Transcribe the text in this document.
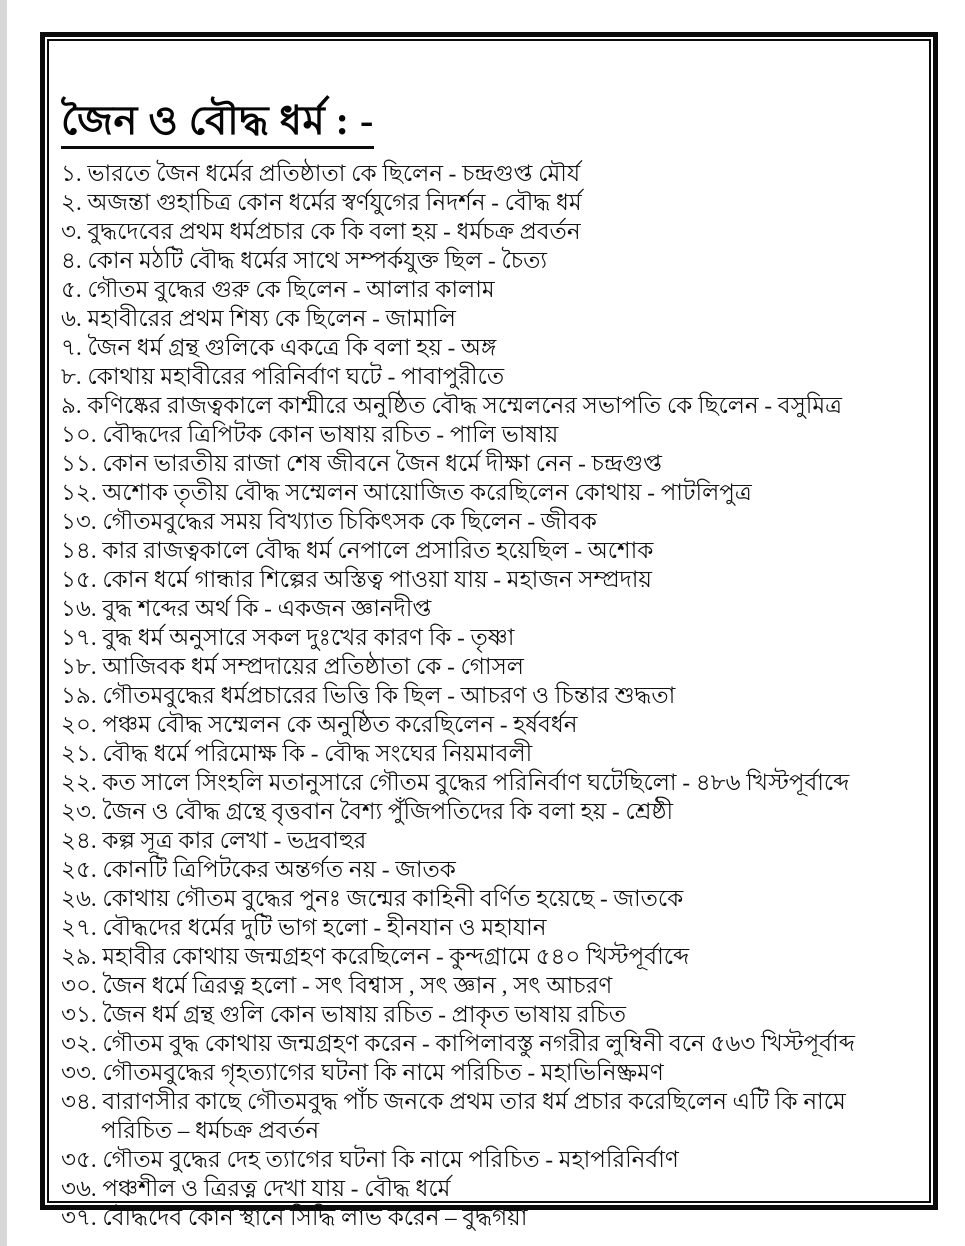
জৈন ও বৌদ্ধ ধর্ম : -
১. ভারতে জৈন ধর্মের প্রতিষ্ঠাতা কে ছিলেন - চন্দ্রগুপ্ত মৌর্য
২. অজন্তা গুহাচিত্র কোন ধর্মের স্বর্ণযুগের নিদর্শন - বৌদ্ধ ধর্ম
৩. বুদ্ধদেবের প্রথম ধর্মপ্রচার কে কি বলা হয় - ধর্মচক্র প্রবর্তন
৪. কোন মঠটি বৌদ্ধ ধর্মের সাথে সম্পর্কযুক্ত ছিল - চৈত্য
৫. গৌতম বুদ্ধের গুরু কে ছিলেন - আলার কালাম
৬. মহাবীরের প্রথম শিষ্য কে ছিলেন - জামালি
৭. জৈন ধর্ম গ্রন্থ গুলিকে একত্রে কি বলা হয় - অঙ্গ
৮. কোথায় মহাবীরের পরিনির্বাণ ঘটে - পাবাপুরীতে
৯. কণিষ্কের রাজত্বকালে কাশ্মীরে অনুষ্ঠিত বৌদ্ধ সম্মেলনের সভাপতি কে ছিলেন - বসুমিত্র
১০. বৌদ্ধদের ত্রিপিটক কোন ভাষায় রচিত - পালি ভাষায়
১১. কোন ভারতীয় রাজা শেষ জীবনে জৈন ধর্মে দীক্ষা নেন - চন্দ্রগুপ্ত
১২. অশোক তৃতীয় বৌদ্ধ সম্মেলন আয়োজিত করেছিলেন কোথায় - পাটলিপুত্র
১৩. গৌতমবুদ্ধের সময় বিখ্যাত চিকিৎসক কে ছিলেন - জীবক
১৪. কার রাজত্বকালে বৌদ্ধ ধর্ম নেপালে প্রসারিত হয়েছিল - অশোক
১৫. কোন ধর্মে গান্ধার শিল্পের অস্তিত্ব পাওয়া যায় - মহাজন সম্প্রদায়
১৬. বুদ্ধ শব্দের অর্থ কি - একজন জ্ঞানদীপ্ত
১৭. বুদ্ধ ধর্ম অনুসারে সকল দুঃখের কারণ কি - তৃষ্ণা
১৮. আজিবক ধর্ম সম্প্রদায়ের প্রতিষ্ঠাতা কে - গোসল
১৯. গৌতমবুদ্ধের ধর্মপ্রচারের ভিত্তি কি ছিল - আচরণ ও চিন্তার শুদ্ধতা
২০. পঞ্চম বৌদ্ধ সম্মেলন কে অনুষ্ঠিত করেছিলেন - হর্ষবর্ধন
২১. বৌদ্ধ ধর্মে পরিমোক্ষ কি - বৌদ্ধ সংঘের নিয়মাবলী
২২. কত সালে সিংহলি মতানুসারে গৌতম বুদ্ধের পরিনির্বাণ ঘটেছিলো - ৪৮৬ খিস্টপূর্বাব্দে
২৩. জৈন ও বৌদ্ধ গ্রন্থে বৃত্তবান বৈশ্য পুঁজিপতিদের কি বলা হয় - শ্রেষ্ঠী
২৪. কল্প সূত্র কার লেখা - ভদ্রবাহুর
২৫. কোনটি ত্রিপিটকের অন্তর্গত নয় - জাতক
২৬. কোথায় গৌতম বুদ্ধের পুনঃ জন্মের কাহিনী বর্ণিত হয়েছে - জাতকে
২৭. বৌদ্ধদের ধর্মের দুটি ভাগ হলো - হীনযান ও মহাযান
২৯. মহাবীর কোথায় জন্মগ্রহণ করেছিলেন - কুন্দগ্রামে ৫৪০ খিস্টপূর্বাব্দে
৩০. জৈন ধর্মে ত্রিরত্ন হলো - সৎ বিশ্বাস , সৎ জ্ঞান , সৎ আচরণ
৩১. জৈন ধর্ম গ্রন্থ গুলি কোন ভাষায় রচিত - প্রাকৃত ভাষায় রচিত
৩২. গৌতম বুদ্ধ কোথায় জন্মগ্রহণ করেন - কাপিলাবস্তু নগরীর লুম্বিনী বনে ৫৬৩ খিস্টপূর্বাব্দ
৩৩. গৌতমবুদ্ধের গৃহত্যাগের ঘটনা কি নামে পরিচিত - মহাভিনিষ্ক্রমণ
৩৪. বারাণসীর কাছে গৌতমবুদ্ধ পাঁচ জনকে প্রথম তার ধর্ম প্রচার করেছিলেন এটি কি নামে পরিচিত – ধর্মচক্র প্রবর্তন
৩৫. গৌতম বুদ্ধের দেহ ত্যাগের ঘটনা কি নামে পরিচিত - মহাপরিনির্বাণ
৩৬. পঞ্চশীল ও ত্রিরত্ন দেখা যায় - বৌদ্ধ ধর্মে
৩৭. বৌদ্ধদেব কোন স্থানে সিদ্ধি লাভ করেন – বুদ্ধগয়া
